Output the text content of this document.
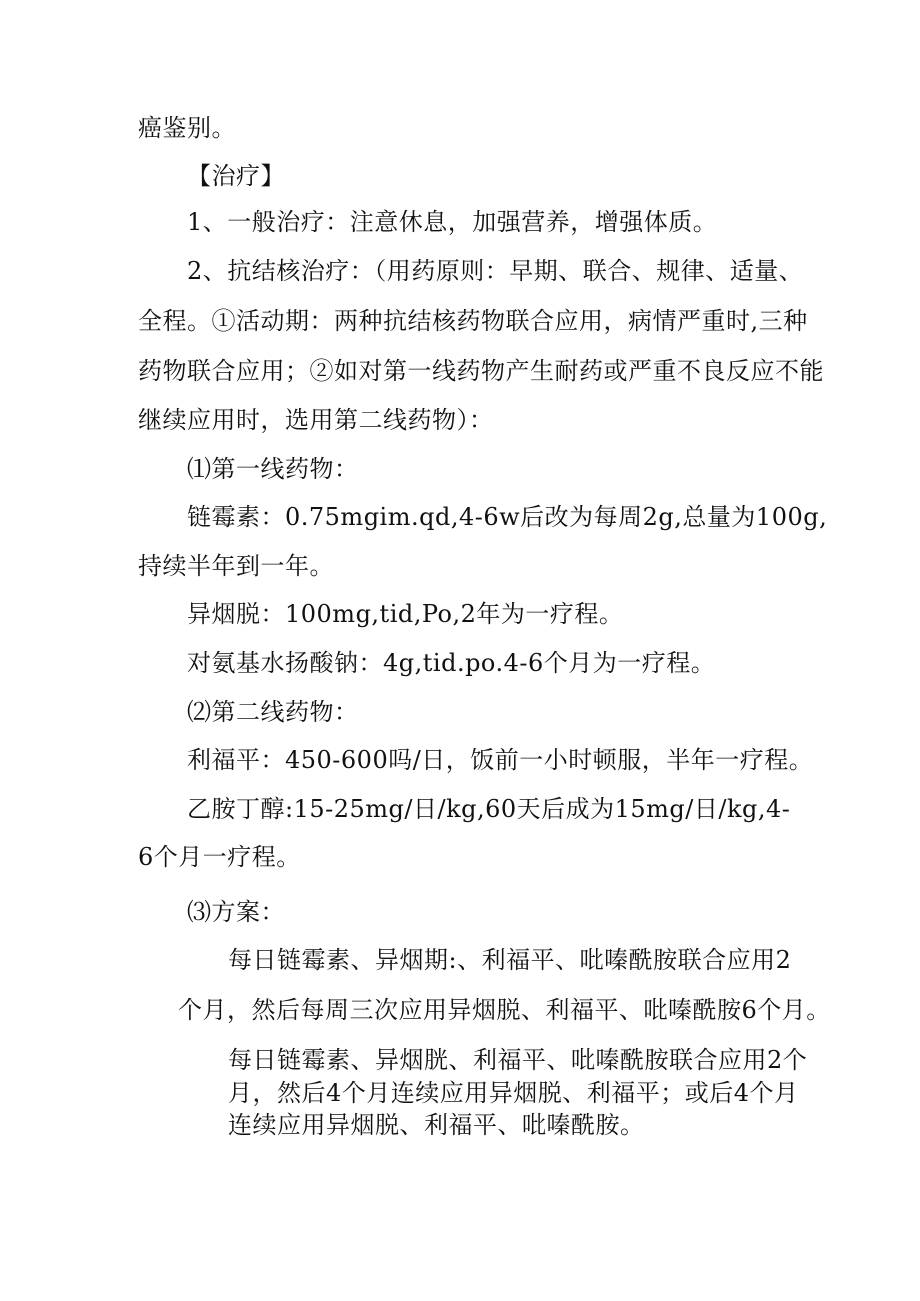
癌鉴别。
【治疗】
1、一般治疗：注意休息，加强营养，增强体质。
2、抗结核治疗：（用药原则：早期、联合、规律、适量、
全程。①活动期：两种抗结核药物联合应用，病情严重时,三种
药物联合应用；②如对第一线药物产生耐药或严重不良反应不能
继续应用时，选用第二线药物）：
⑴第一线药物：
链霉素：0.75mgim.qd,4-6w后改为每周2g,总量为100g,
持续半年到一年。
异烟脱：100mg,tid,Po,2年为一疗程。
对氨基水扬酸钠：4g,tid.po.4-6个月为一疗程。
⑵第二线药物：
利福平：450-600吗/日，饭前一小时顿服，半年一疗程。
乙胺丁醇:15-25mg/日/kg,60天后成为15mg/日/kg,4-
6个月一疗程。
⑶方案：
每日链霉素、异烟期:、利福平、吡嗪酰胺联合应用2
个月，然后每周三次应用异烟脱、利福平、吡嗪酰胺6个月。
每日链霉素、异烟胱、利福平、吡嗪酰胺联合应用2个
月，然后4个月连续应用异烟脱、利福平；或后4个月
连续应用异烟脱、利福平、吡嗪酰胺。
